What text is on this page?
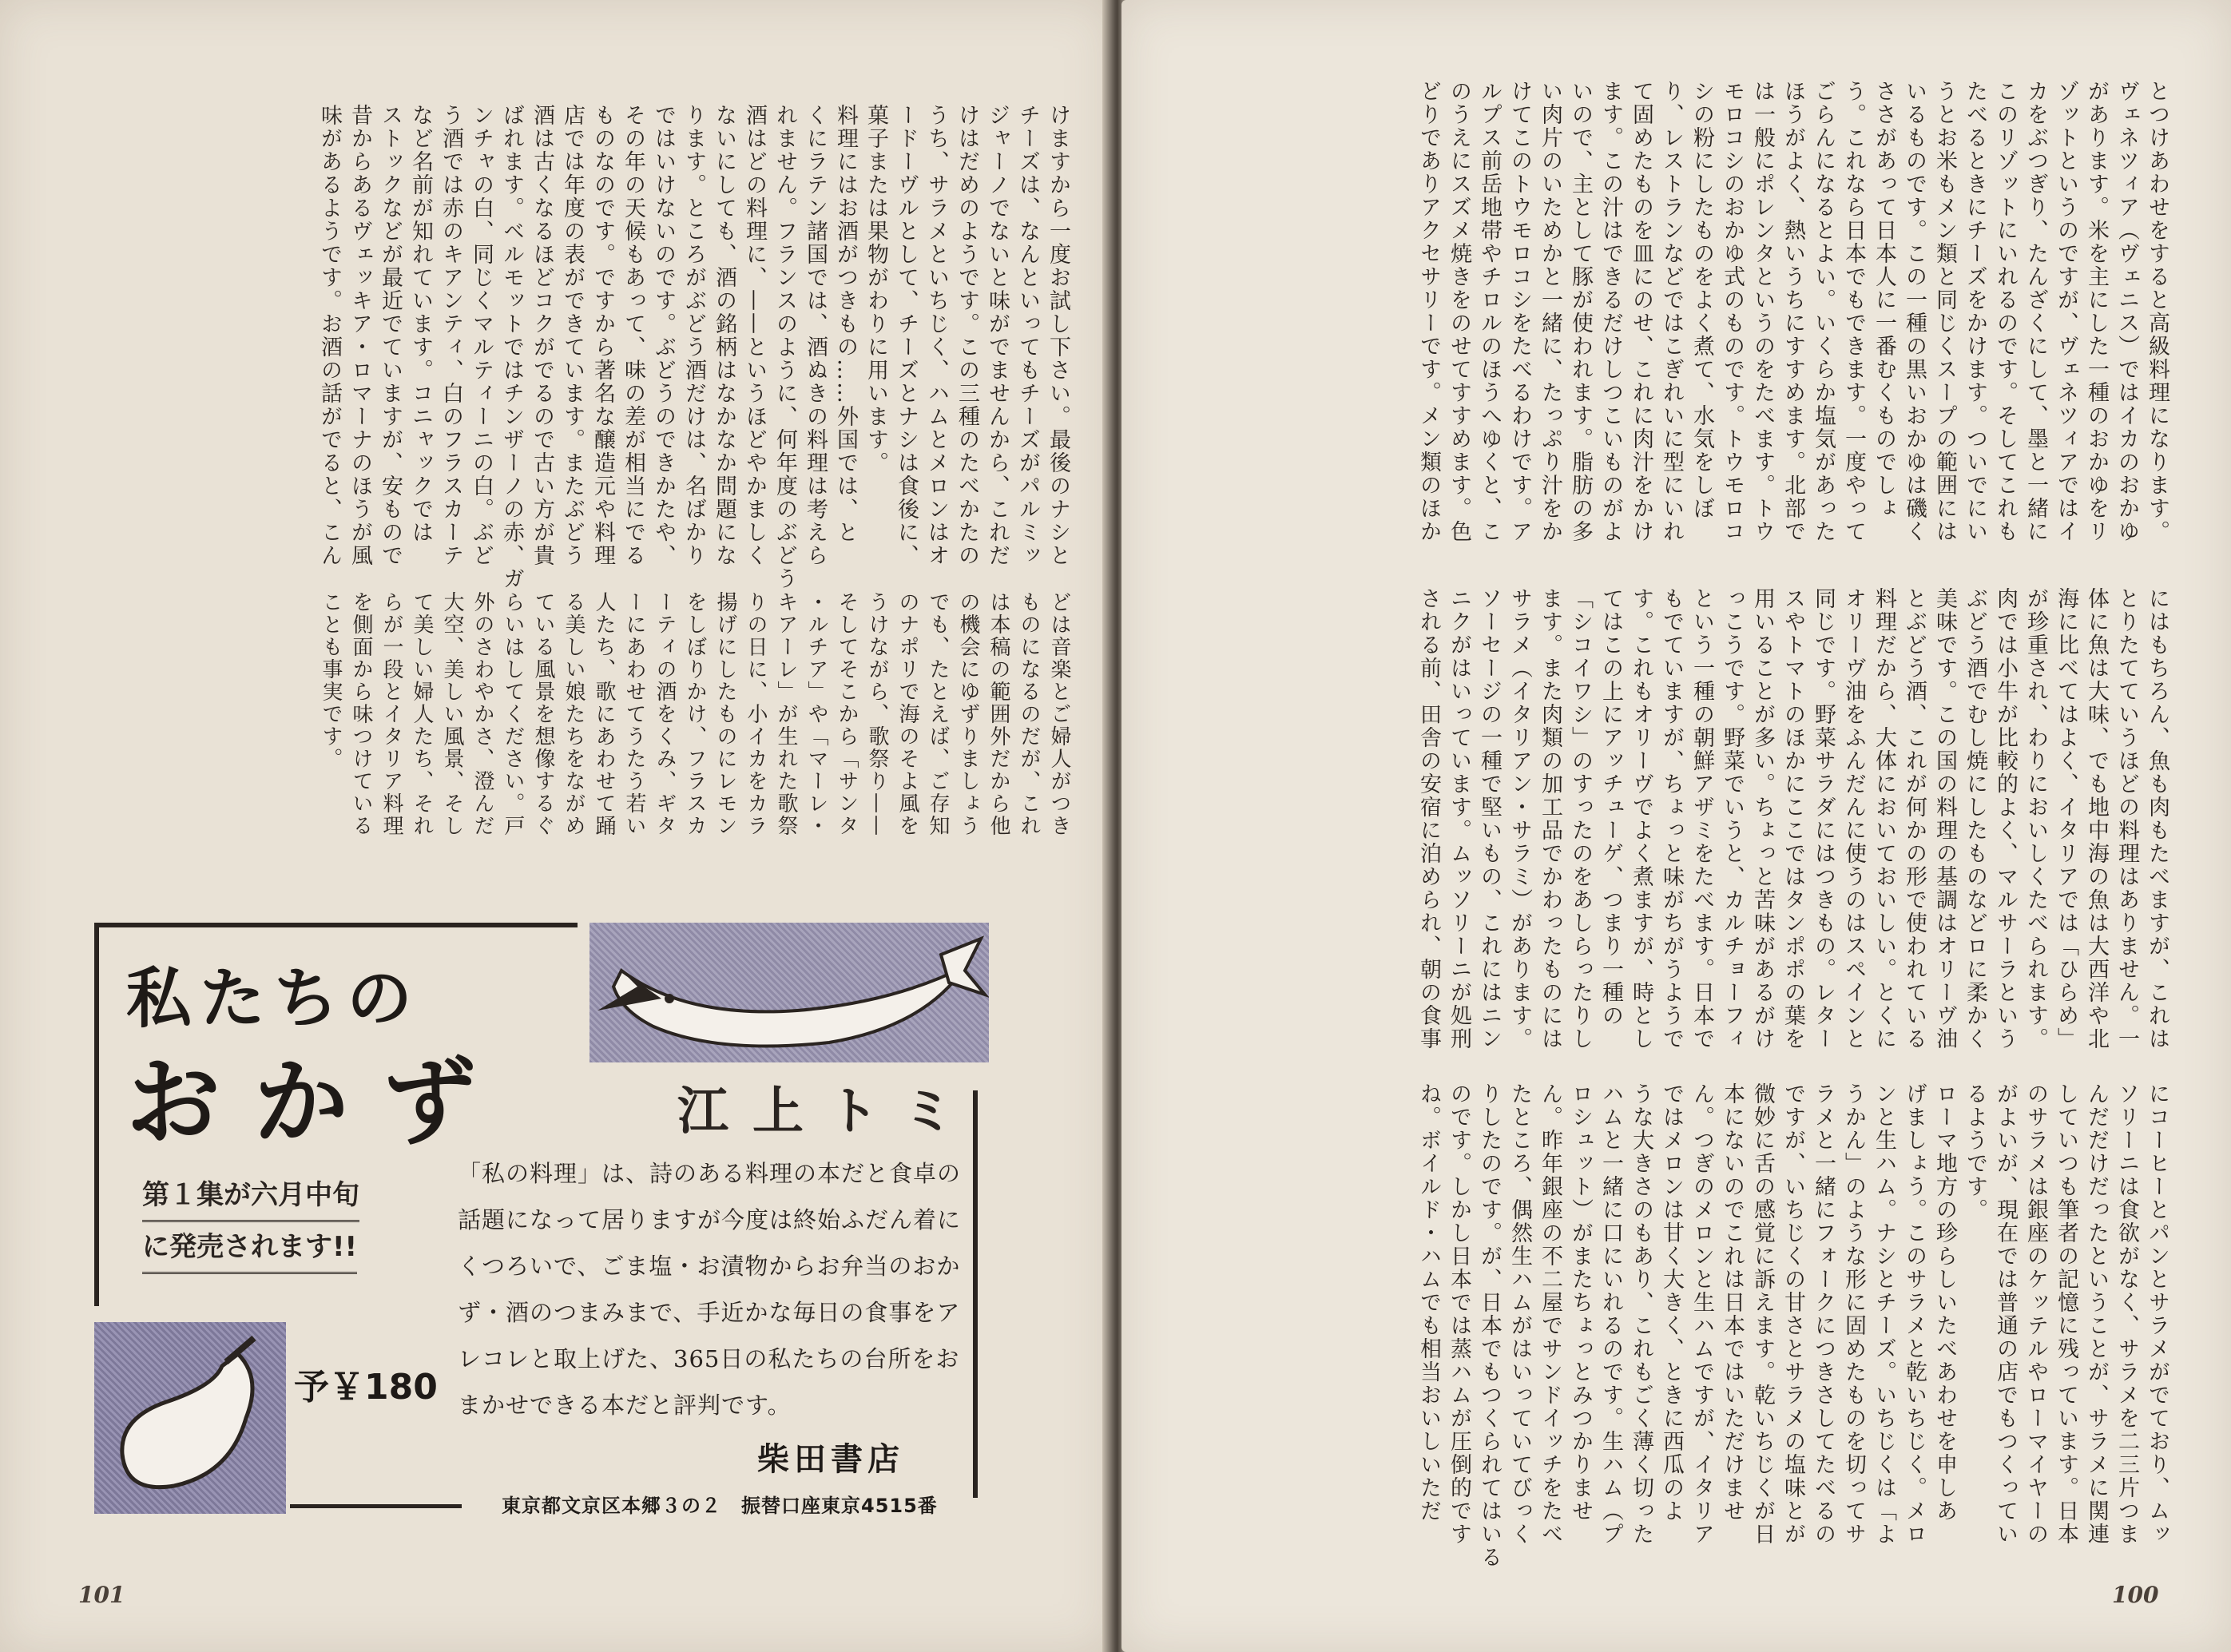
けますから一度お試し下さい。最後のナシと
チーズは、なんといってもチーズがパルミッ
ジャーノでないと味がでませんから、これだ
けはだめのようです。この三種のたべかたの
うち、サラメといちじく、ハムとメロンはオ
ードーヴルとして、チーズとナシは食後に、
菓子または果物がわりに用います。
料理にはお酒がつきもの……外国では、と
くにラテン諸国では、酒ぬきの料理は考えら
れません。フランスのように、何年度のぶどう
酒はどの料理に、——というほどやかましく
ないにしても、酒の銘柄はなかなか問題にな
ります。ところがぶどう酒だけは、名ばかり
ではいけないのです。ぶどうのできかたや、
その年の天候もあって、味の差が相当にでる
ものなのです。ですから著名な醸造元や料理
店では年度の表ができています。またぶどう
酒は古くなるほどコクがでるので古い方が貴
ばれます。ベルモットではチンザーノの赤、ガ
ンチャの白、同じくマルティーニの白。ぶど
う酒では赤のキアンティ、白のフラスカーテ
など名前が知れています。コニャックでは
ストックなどが最近でていますが、安もので
昔からあるヴェッキア・ロマーナのほうが風
味があるようです。お酒の話がでると、こん
どは音楽とご婦人がつき
ものになるのだが、これ
は本稿の範囲外だから他
の機会にゆずりましょう
でも、たとえば、ご存知
のナポリで海のそよ風を
うけながら、歌祭り——
そしてそこから「サンタ
・ルチア」や「マーレ・
キアーレ」が生れた歌祭
りの日に、小イカをカラ
揚げにしたものにレモン
をしぼりかけ、フラスカ
ーティの酒をくみ、ギタ
ーにあわせてうたう若い
人たち、歌にあわせて踊
る美しい娘たちをながめ
ている風景を想像するぐ
らいはしてください。戸
外のさわやかさ、澄んだ
大空、美しい風景、そし
て美しい婦人たち、それ
らが一段とイタリア料理
を側面から味つけている
ことも事実です。
私たちの
おかず	江上トミ
第１集が六月中旬
に発売されます!!
「私の料理」は、詩のある料理の本だと食卓の話題になって居りますが今度は終始ふだん着にくつろいで、ごま塩・お漬物からお弁当のおかず・酒のつまみまで、手近かな毎日の食事をアレコレと取上げた、365日の私たちの台所をおまかせできる本だと評判です。
予￥180
柴田書店
東京都文京区本郷３の２　振替口座東京4515番
101
とつけあわせをすると高級料理になります。
ヴェネツィア（ヴェニス）ではイカのおかゆ
があります。米を主にした一種のおかゆをリ
ゾットというのですが、ヴェネツィアではイ
カをぶつぎり、たんざくにして、墨と一緒に
このリゾットにいれるのです。そしてこれも
たべるときにチーズをかけます。ついでにい
うとお米もメン類と同じくスープの範囲には
いるものです。この一種の黒いおかゆは磯く
ささがあって日本人に一番むくものでしょ
う。これなら日本でもできます。一度やって
ごらんになるとよい。いくらか塩気があった
ほうがよく、熱いうちにすすめます。北部で
は一般にポレンタというのをたべます。トウ
モロコシのおかゆ式のものです。トウモロコ
シの粉にしたものをよく煮て、水気をしぼ
り、レストランなどではこぎれいに型にいれ
て固めたものを皿にのせ、これに肉汁をかけ
ます。この汁はできるだけしつこいものがよ
いので、主として豚が使われます。脂肪の多
い肉片のいためかと一緒に、たっぷり汁をか
けてこのトウモロコシをたべるわけです。ア
ルプス前岳地帯やチロルのほうへゆくと、こ
のうえにスズメ焼きをのせてすすめます。色
どりでありアクセサリーです。メン類のほか
にはもちろん、魚も肉もたべますが、これは
とりたてていうほどの料理はありません。一
体に魚は大味、でも地中海の魚は大西洋や北
海に比べてはよく、イタリアでは「ひらめ」
が珍重され、わりにおいしくたべられます。
肉では小牛が比較的よく、マルサーラという
ぶどう酒でむし焼にしたものなどロに柔かく
美味です。この国の料理の基調はオリーヴ油
とぶどう酒、これが何かの形で使われている
料理だから、大体においておいしい。とくに
オリーヴ油をふんだんに使うのはスペインと
同じです。野菜サラダにはつきもの。レター
スやトマトのほかにここではタンポポの葉を
用いることが多い。ちょっと苦味があるがけ
っこうです。野菜でいうと、カルチョーフィ
という一種の朝鮮アザミをたべます。日本で
もでていますが、ちょっと味がちがうようで
す。これもオリーヴでよく煮ますが、時とし
てはこの上にアッチューゲ、つまり一種の
「シコイワシ」のすったのをあしらったりし
ます。また肉類の加工品でかわったものには
サラメ（イタリアン・サラミ）があります。
ソーセージの一種で堅いもの、これにはニン
ニクがはいっています。ムッソリーニが処刑
される前、田舎の安宿に泊められ、朝の食事
にコーヒーとパンとサラメがでており、ムッ
ソリーニは食欲がなく、サラメを二三片つま
んだだけだったということが、サラメに関連
していつも筆者の記憶に残っています。日本
のサラメは銀座のケッテルやローマイヤーの
がよいが、現在では普通の店でもつくってい
るようです。
ローマ地方の珍らしいたべあわせを申しあ
げましょう。このサラメと乾いちじく。メロ
ンと生ハム。ナシとチーズ。いちじくは「よ
うかん」のような形に固めたものを切ってサ
ラメと一緒にフォークにつきさしてたべるの
ですが、いちじくの甘さとサラメの塩味とが
微妙に舌の感覚に訴えます。乾いちじくが日
本にないのでこれは日本ではいただけませ
ん。つぎのメロンと生ハムですが、イタリア
ではメロンは甘く大きく、ときに西瓜のよ
うな大きさのもあり、これもごく薄く切った
ハムと一緒に口にいれるのです。生ハム（プ
ロシュット）がまたちょっとみつかりませ
ん。昨年銀座の不二屋でサンドイッチをたべ
たところ、偶然生ハムがはいっていてびっく
りしたのです。が、日本でもつくられてはいる
のです。しかし日本では蒸ハムが圧倒的です
ね。ボイルド・ハムでも相当おいしいただ
100
